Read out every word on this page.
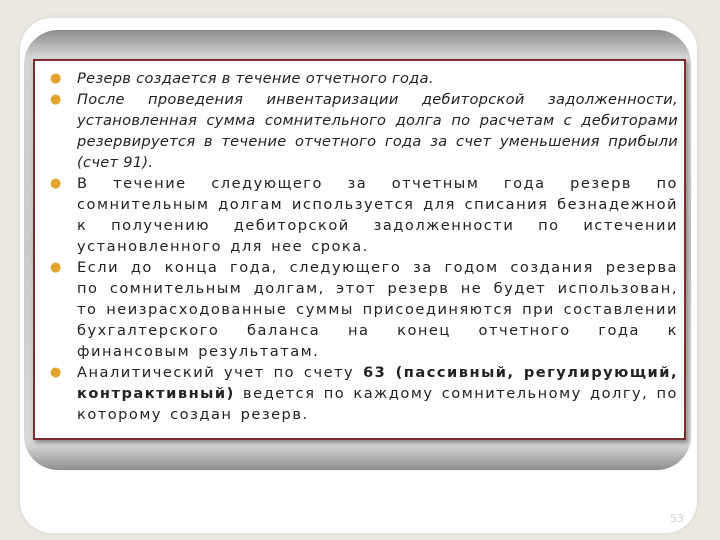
● Резерв создается в течение отчетного года.
● После проведения инвентаризации дебиторской задолженности, установленная сумма сомнительного долга по расчетам с дебиторами резервируется в течение отчетного года за счет уменьшения прибыли (счет 91).
● В течение следующего за отчетным года резерв по сомнительным долгам используется для списания безнадежной к получению дебиторской задолженности по истечении установленного для нее срока.
● Если до конца года, следующего за годом создания резерва по сомнительным долгам, этот резерв не будет использован, то неизрасходованные суммы присоединяются при составлении бухгалтерского баланса на конец отчетного года к финансовым результатам.
● Аналитический учет по счету 63 (пассивный, регулирующий, контрактивный) ведется по каждому сомнительному долгу, по которому создан резерв.
53
